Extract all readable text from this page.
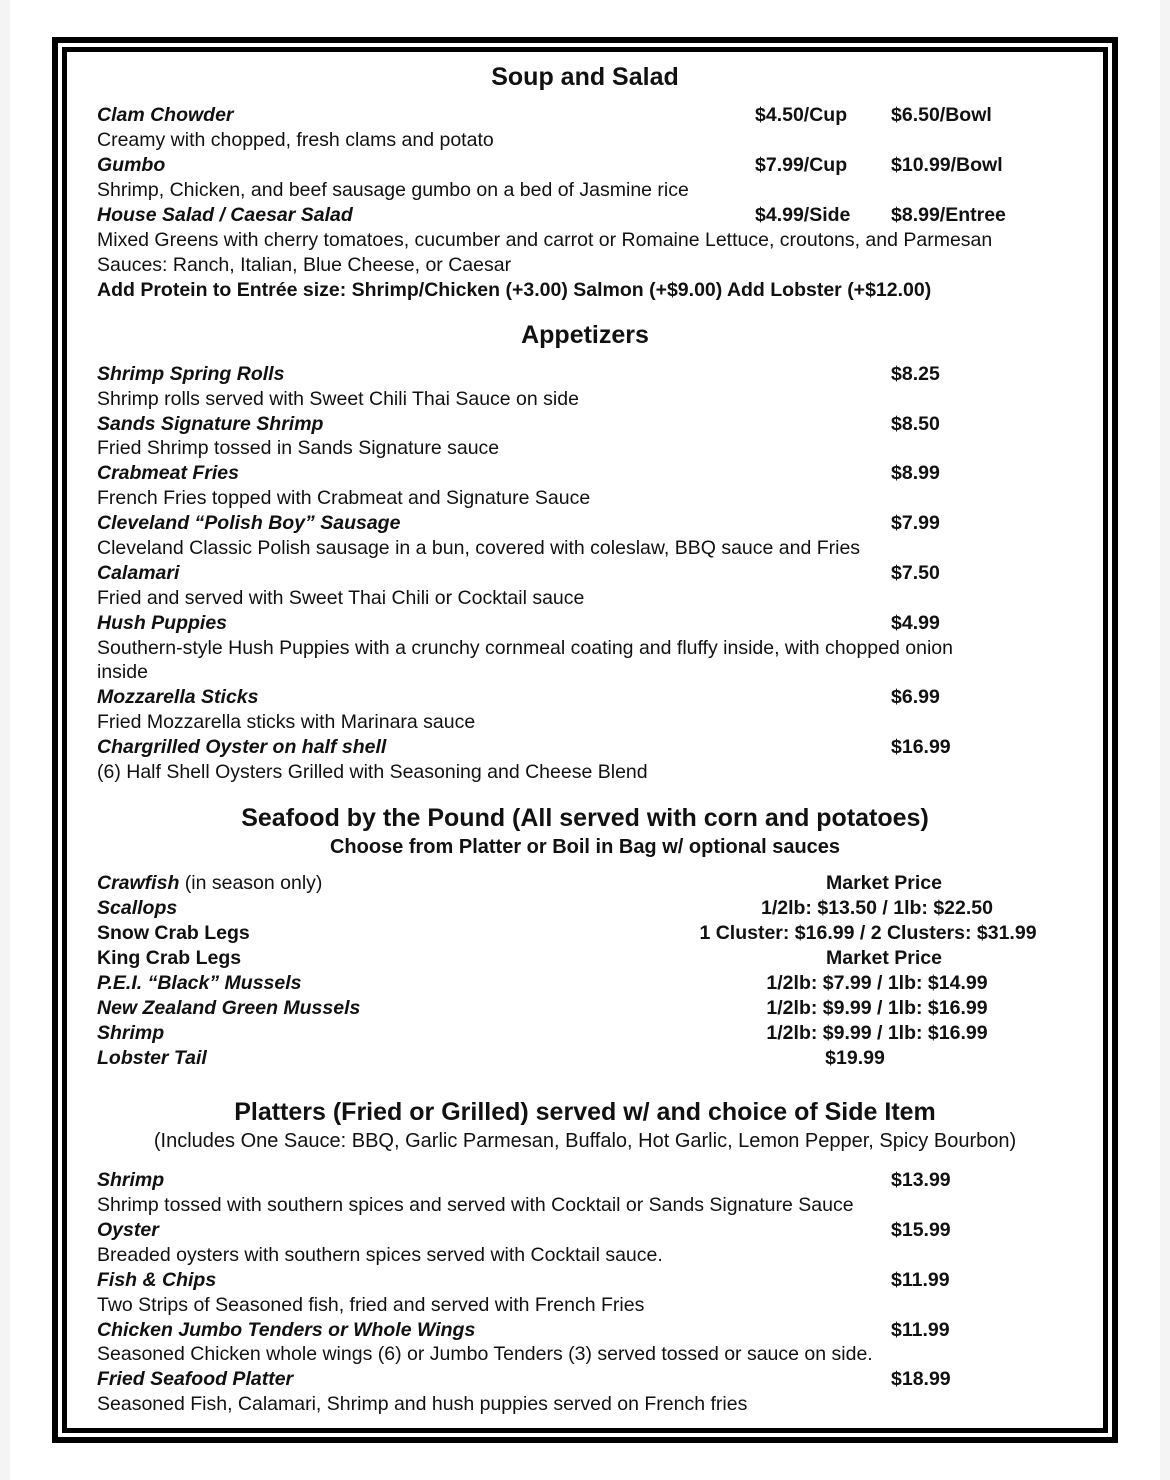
Soup and Salad
Clam Chowder	$4.50/Cup $6.50/Bowl
Creamy with chopped, fresh clams and potato
Gumbo	$7.99/Cup $10.99/Bowl
Shrimp, Chicken, and beef sausage gumbo on a bed of Jasmine rice
House Salad / Caesar Salad	$4.99/Side $8.99/Entree
Mixed Greens with cherry tomatoes, cucumber and carrot or Romaine Lettuce, croutons, and Parmesan
Sauces: Ranch, Italian, Blue Cheese, or Caesar
Add Protein to Entrée size: Shrimp/Chicken (+3.00) Salmon (+$9.00) Add Lobster (+$12.00)
Appetizers
Shrimp Spring Rolls	$8.25
Shrimp rolls served with Sweet Chili Thai Sauce on side
Sands Signature Shrimp	$8.50
Fried Shrimp tossed in Sands Signature sauce
Crabmeat Fries	$8.99
French Fries topped with Crabmeat and Signature Sauce
Cleveland “Polish Boy” Sausage	$7.99
Cleveland Classic Polish sausage in a bun, covered with coleslaw, BBQ sauce and Fries
Calamari	$7.50
Fried and served with Sweet Thai Chili or Cocktail sauce
Hush Puppies	$4.99
Southern-style Hush Puppies with a crunchy cornmeal coating and fluffy inside, with chopped onion
inside
Mozzarella Sticks	$6.99
Fried Mozzarella sticks with Marinara sauce
Chargrilled Oyster on half shell	$16.99
(6) Half Shell Oysters Grilled with Seasoning and Cheese Blend
Seafood by the Pound (All served with corn and potatoes)
Choose from Platter or Boil in Bag w/ optional sauces
Crawfish (in season only)	Market Price
Scallops	1/2lb: $13.50 / 1lb: $22.50
Snow Crab Legs	1 Cluster: $16.99 / 2 Clusters: $31.99
King Crab Legs	Market Price
P.E.I. “Black” Mussels	1/2lb: $7.99 / 1lb: $14.99
New Zealand Green Mussels	1/2lb: $9.99 / 1lb: $16.99
Shrimp	1/2lb: $9.99 / 1lb: $16.99
Lobster Tail	$19.99
Platters (Fried or Grilled) served w/ and choice of Side Item
(Includes One Sauce: BBQ, Garlic Parmesan, Buffalo, Hot Garlic, Lemon Pepper, Spicy Bourbon)
Shrimp	$13.99
Shrimp tossed with southern spices and served with Cocktail or Sands Signature Sauce
Oyster	$15.99
Breaded oysters with southern spices served with Cocktail sauce.
Fish & Chips	$11.99
Two Strips of Seasoned fish, fried and served with French Fries
Chicken Jumbo Tenders or Whole Wings	$11.99
Seasoned Chicken whole wings (6) or Jumbo Tenders (3) served tossed or sauce on side.
Fried Seafood Platter	$18.99
Seasoned Fish, Calamari, Shrimp and hush puppies served on French fries
